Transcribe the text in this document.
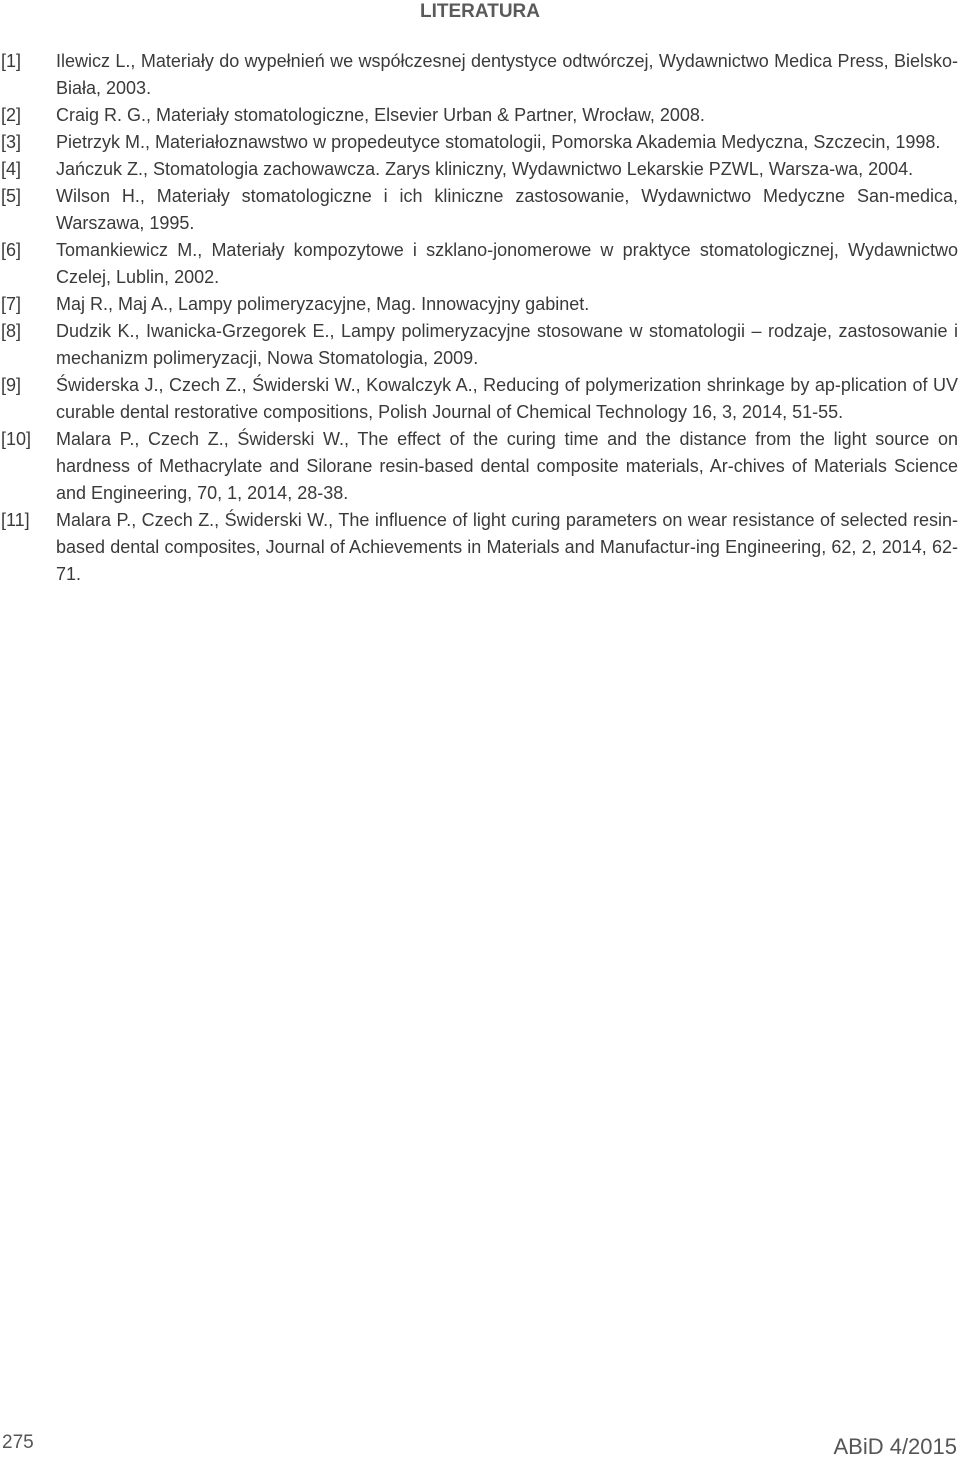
LITERATURA
[1] Ilewicz L., Materiały do wypełnień we współczesnej dentystyce odtwórczej, Wydawnictwo Medica Press, Bielsko-Biała, 2003.
[2] Craig R. G., Materiały stomatologiczne, Elsevier Urban & Partner, Wrocław, 2008.
[3] Pietrzyk M., Materiałoznawstwo w propedeutyce stomatologii, Pomorska Akademia Medyczna, Szczecin, 1998.
[4] Jańczuk Z., Stomatologia zachowawcza. Zarys kliniczny, Wydawnictwo Lekarskie PZWL, Warsza-wa, 2004.
[5] Wilson H., Materiały stomatologiczne i ich kliniczne zastosowanie, Wydawnictwo Medyczne San-medica, Warszawa, 1995.
[6] Tomankiewicz M., Materiały kompozytowe i szklano-jonomerowe w praktyce stomatologicznej, Wydawnictwo Czelej, Lublin, 2002.
[7] Maj R., Maj A., Lampy polimeryzacyjne, Mag. Innowacyjny gabinet.
[8] Dudzik K., Iwanicka-Grzegorek E., Lampy polimeryzacyjne stosowane w stomatologii – rodzaje, zastosowanie i mechanizm polimeryzacji, Nowa Stomatologia, 2009.
[9] Świderska J., Czech Z., Świderski W., Kowalczyk A., Reducing of polymerization shrinkage by ap-plication of UV curable dental restorative compositions, Polish Journal of Chemical Technology 16, 3, 2014, 51-55.
[10] Malara P., Czech Z., Świderski W., The effect of the curing time and the distance from the light source on hardness of Methacrylate and Silorane resin-based dental composite materials, Ar-chives of Materials Science and Engineering, 70, 1, 2014, 28-38.
[11] Malara P., Czech Z., Świderski W., The influence of light curing parameters on wear resistance of selected resin-based dental composites, Journal of Achievements in Materials and Manufactur-ing Engineering, 62, 2, 2014, 62-71.
275	ABiD 4/2015
